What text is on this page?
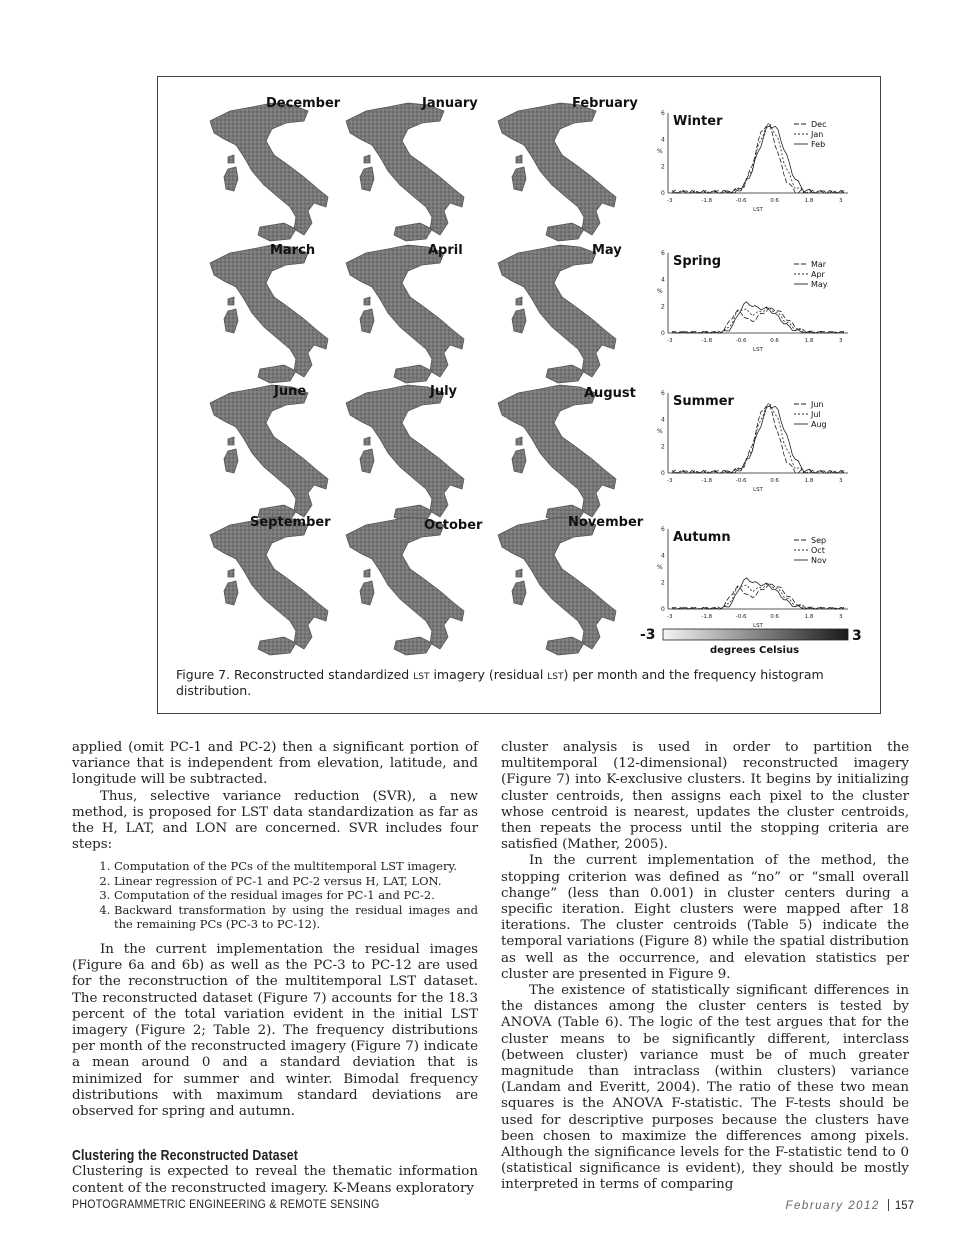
0
2
4
6
%
-3	-1.8	-0.6	0.6	1.8	3
LST
Winter	Dec
Jan
Feb
0
2
4
6
%
-3	-1.8	-0.6	0.6	1.8	3
LST
Spring	Mar
Apr
May
0
2
4
6
%
-3	-1.8	-0.6	0.6	1.8	3
LST
Summer	Jun
Jul
Aug
0
2
4
6
%
-3	-1.8	-0.6	0.6	1.8	3
LST
Autumn	Sep
Oct
Nov
-3	3
degrees Celsius
December	January	February
March	April	May
June	July	August
September	October	November
Figure 7. Reconstructed standardized lst imagery (residual lst) per month and the frequency histogram distribution.

applied (omit PC-1 and PC-2) then a significant portion of variance that is independent from elevation, latitude, and longitude will be subtracted.

Thus, selective variance reduction (SVR), a new method, is proposed for LST data standardization as far as the H, LAT, and LON are concerned. SVR includes four steps:

1. Computation of the PCs of the multitemporal LST imagery.
2. Linear regression of PC-1 and PC-2 versus H, LAT, LON.
3. Computation of the residual images for PC-1 and PC-2.
4. Backward transformation by using the residual images and the remaining PCs (PC-3 to PC-12).

In the current implementation the residual images (Figure 6a and 6b) as well as the PC-3 to PC-12 are used for the reconstruction of the multitemporal LST dataset. The reconstructed dataset (Figure 7) accounts for the 18.3 percent of the total variation evident in the initial LST imagery (Figure 2; Table 2). The frequency distributions per month of the reconstructed imagery (Figure 7) indicate a mean around 0 and a standard deviation that is minimized for summer and winter. Bimodal frequency distributions with maximum standard deviations are observed for spring and autumn.

Clustering the Reconstructed Dataset

Clustering is expected to reveal the thematic information content of the reconstructed imagery. K-Means exploratory

cluster analysis is used in order to partition the multitemporal (12-dimensional) reconstructed imagery (Figure 7) into K-exclusive clusters. It begins by initializing cluster centroids, then assigns each pixel to the cluster whose centroid is nearest, updates the cluster centroids, then repeats the process until the stopping criteria are satisfied (Mather, 2005).

In the current implementation of the method, the stopping criterion was defined as “no” or “small overall change” (less than 0.001) in cluster centers during a specific iteration. Eight clusters were mapped after 18 iterations. The cluster centroids (Table 5) indicate the temporal variations (Figure 8) while the spatial distribution as well as the occurrence, and elevation statistics per cluster are presented in Figure 9.

The existence of statistically significant differences in the distances among the cluster centers is tested by ANOVA (Table 6). The logic of the test argues that for the cluster means to be significantly different, interclass (between cluster) variance must be of much greater magnitude than intraclass (within clusters) variance (Landam and Everitt, 2004). The ratio of these two mean squares is the ANOVA F-statistic. The F-tests should be used for descriptive purposes because the clusters have been chosen to maximize the differences among pixels. Although the significance levels for the F-statistic tend to 0 (statistical significance is evident), they should be mostly interpreted in terms of comparing

PHOTOGRAMMETRIC ENGINEERING & REMOTE SENSING	February 2012 157
